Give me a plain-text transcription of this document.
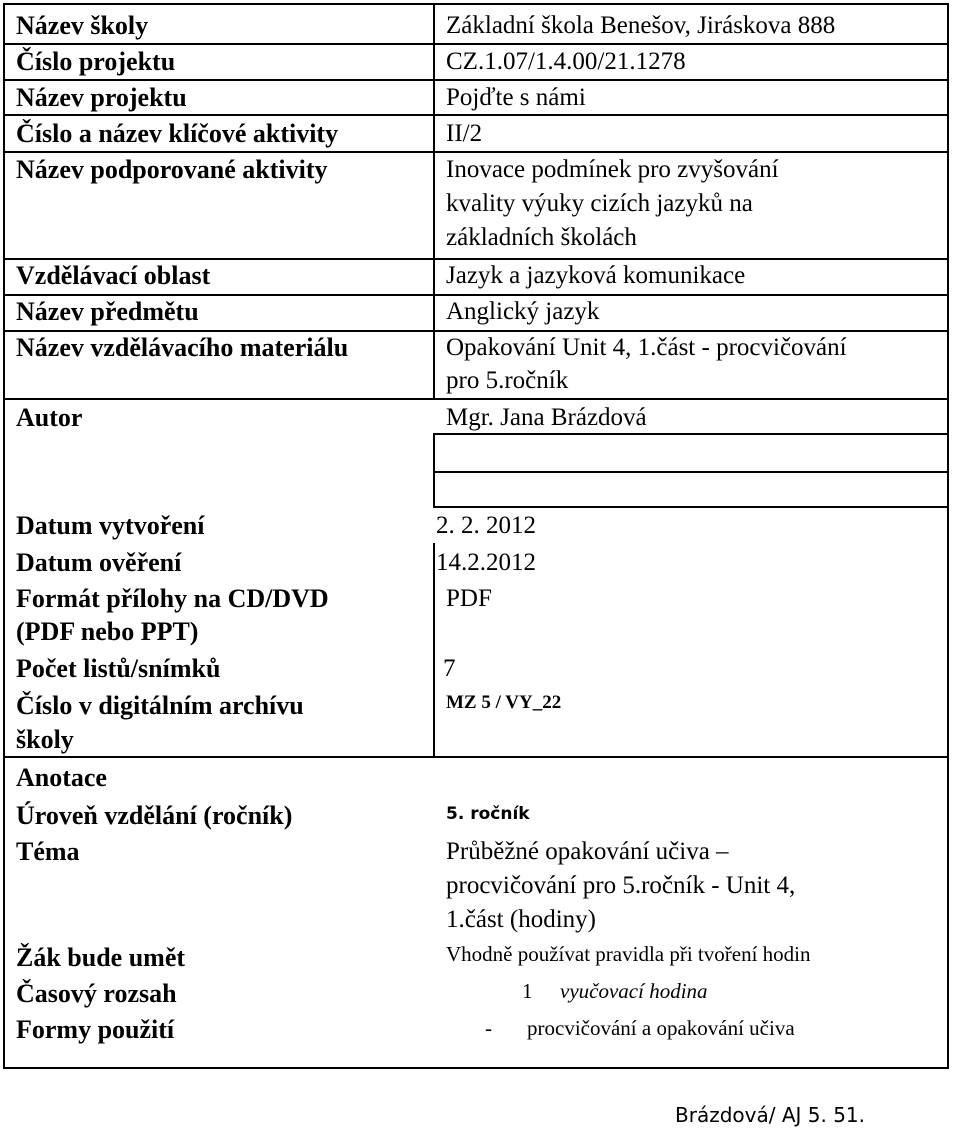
Název školy
Číslo projektu
Název projektu
Číslo a název klíčové aktivity
Název podporované aktivity
Vzdělávací oblast
Název předmětu
Název vzdělávacího materiálu
Autor
Datum vytvoření
Datum ověření
Formát přílohy na CD/DVD
(PDF nebo PPT)
Počet listů/snímků
Číslo v digitálním archívu
školy
Anotace
Úroveň vzdělání (ročník)
Téma
Žák bude umět
Časový rozsah
Formy použití
Základní škola Benešov, Jiráskova 888
CZ.1.07/1.4.00/21.1278
Pojďte s námi
II/2
Inovace podmínek pro zvyšování
kvality výuky cizích jazyků na
základních školách
Jazyk a jazyková komunikace
Anglický jazyk
Opakování Unit 4, 1.část - procvičování
pro 5.ročník
Mgr. Jana Brázdová
2. 2. 2012
14.2.2012
PDF
7
MZ 5 / VY_22
5. ročník
Průběžné opakování učiva –
procvičování pro 5.ročník - Unit 4,
1.část (hodiny)
Vhodně používat pravidla při tvoření hodin
1 vyučovací hodina
- procvičování a opakování učiva
Brázdová/ AJ 5. 51.
